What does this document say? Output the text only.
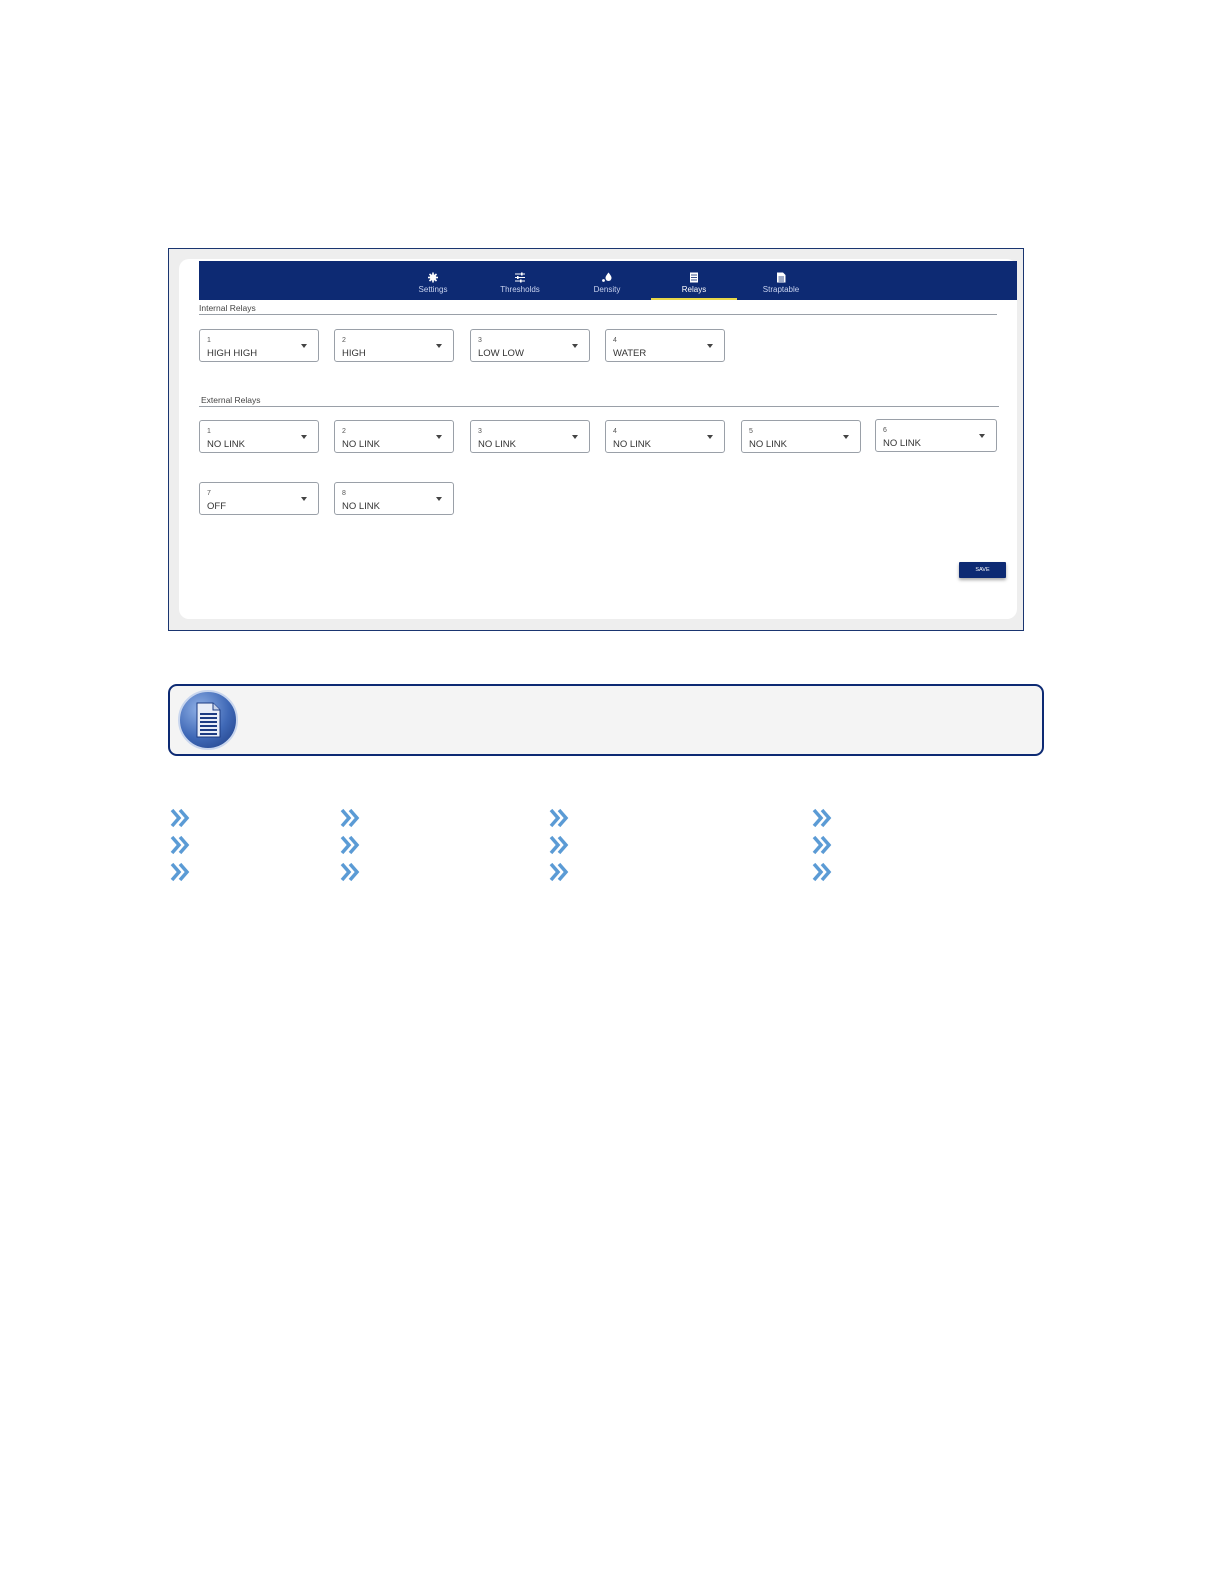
Settings	Thresholds	Density	Relays	Straptable
Internal Relays
1
HIGH HIGH
2
HIGH
3
LOW LOW
4
WATER
External Relays
1
NO LINK
2
NO LINK
3
NO LINK
4
NO LINK
5
NO LINK
6
NO LINK
7
OFF
8
NO LINK
SAVE
